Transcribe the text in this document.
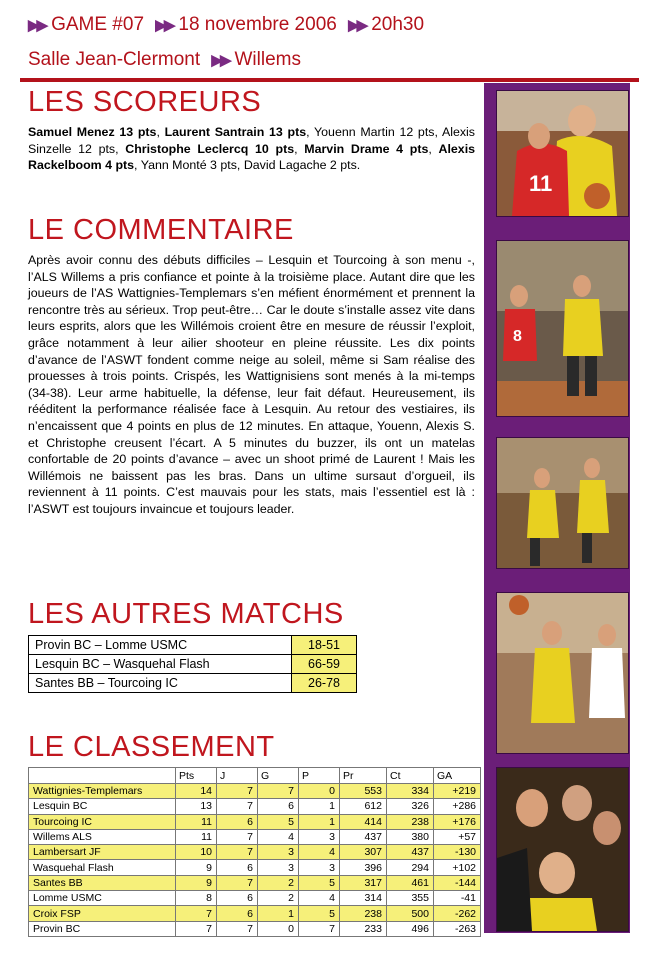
▶▶ GAME #07 ▶▶ 18 novembre 2006 ▶▶ 20h30
Salle Jean-Clermont ▶▶ Willems
11
8
LES SCOREURS
Samuel Menez 13 pts, Laurent Santrain 13 pts, Youenn Martin 12 pts, Alexis Sinzelle 12 pts, Christophe Leclercq 10 pts, Marvin Drame 4 pts, Alexis Rackelboom 4 pts, Yann Monté 3 pts, David Lagache 2 pts.
LE COMMENTAIRE
Après avoir connu des débuts difficiles – Lesquin et Tourcoing à son menu -, l’ALS Willems a pris confiance et pointe à la troisième place. Autant dire que les joueurs de l’AS Wattignies-Templemars s’en méfient énormément et prennent la rencontre très au sérieux. Trop peut-être… Car le doute s’installe assez vite dans leurs esprits, alors que les Willémois croient être en mesure de réussir l’exploit, grâce notamment à leur ailier shooteur en pleine réussite. Les dix points d’avance de l’ASWT fondent comme neige au soleil, même si Sam réalise des prouesses à trois points. Crispés, les Wattignisiens sont menés à la mi-temps (34-38). Leur arme habituelle, la défense, leur fait défaut. Heureusement, ils rééditent la performance réalisée face à Lesquin. Au retour des vestiaires, ils n’encaissent que 4 points en plus de 12 minutes. En attaque, Youenn, Alexis S. et Christophe creusent l’écart. A 5 minutes du buzzer, ils ont un matelas confortable de 20 points d’avance – avec un shoot primé de Laurent ! Mais les Willémois ne baissent pas les bras. Dans un ultime sursaut d’orgueil, ils reviennent à 11 points. C’est mauvais pour les stats, mais l’essentiel est là : l’ASWT est toujours invaincue et toujours leader.
LES AUTRES MATCHS
Provin BC – Lomme USMC	18-51
Lesquin BC – Wasquehal Flash	66-59
Santes BB – Tourcoing IC	26-78
LE CLASSEMENT
	Pts	J	G	P	Pr	Ct	GA
Wattignies-Templemars	14	7	7	0	553	334	+219
Lesquin BC	13	7	6	1	612	326	+286
Tourcoing IC	11	6	5	1	414	238	+176
Willems ALS	11	7	4	3	437	380	+57
Lambersart JF	10	7	3	4	307	437	-130
Wasquehal Flash	9	6	3	3	396	294	+102
Santes BB	9	7	2	5	317	461	-144
Lomme USMC	8	6	2	4	314	355	-41
Croix FSP	7	6	1	5	238	500	-262
Provin BC	7	7	0	7	233	496	-263
